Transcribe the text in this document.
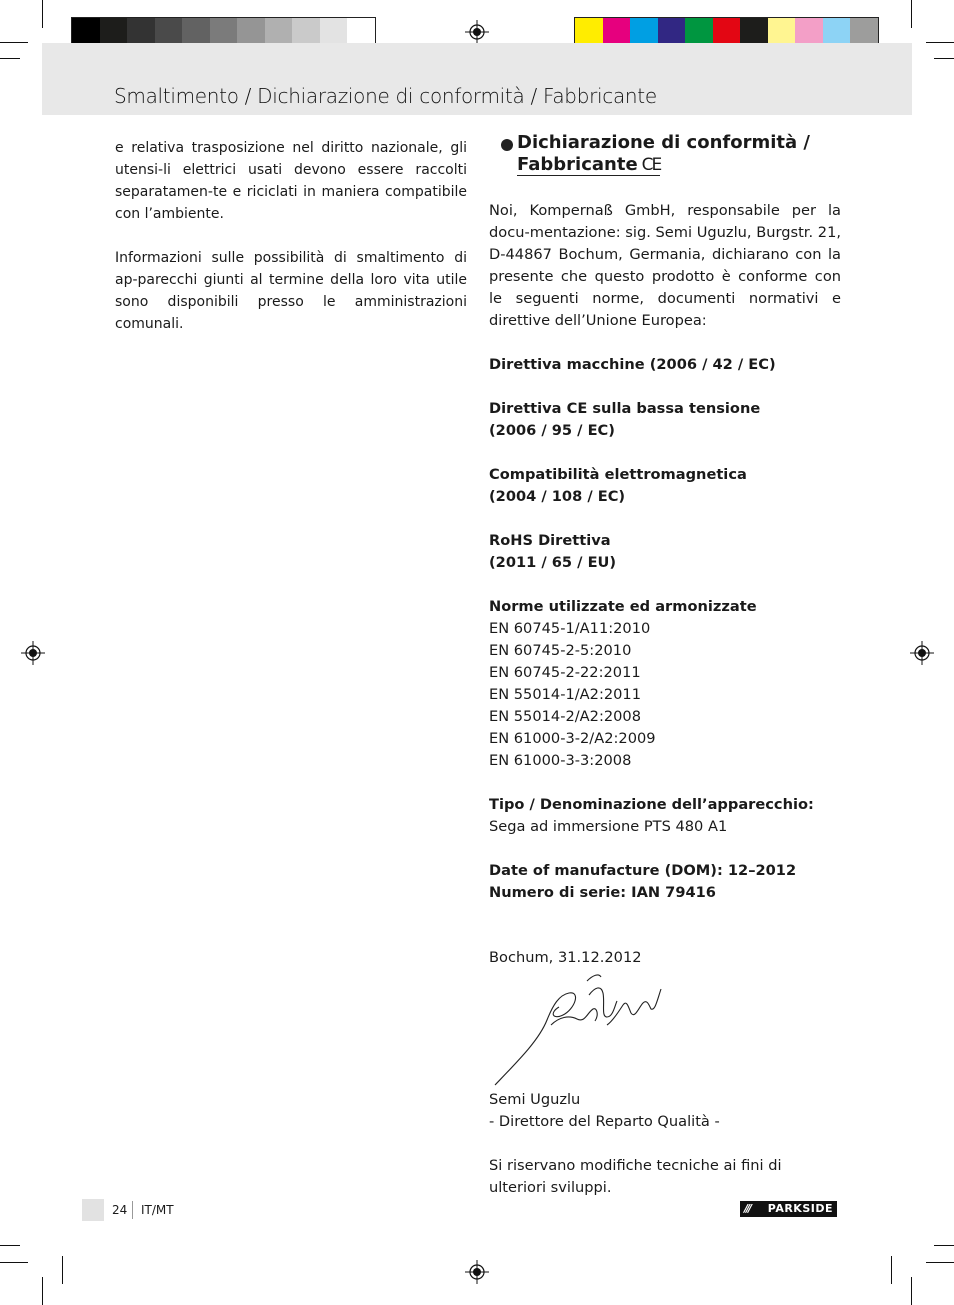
Smaltimento / Dichiarazione di conformità / Fabbricante

e relativa trasposizione nel diritto nazionale, gli utensi-li elettrici usati devono essere raccolti separatamen-te e riciclati in maniera compatibile con l’ambiente.

Informazioni sulle possibilità di smaltimento di ap-parecchi giunti al termine della loro vita utile sono disponibili presso le amministrazioni comunali.

Dichiarazione di conformità /
Fabbricante CE

Noi, Kompernaß GmbH, responsabile per la docu-mentazione: sig. Semi Uguzlu, Burgstr. 21, D-44867 Bochum, Germania, dichiarano con la presente che questo prodotto è conforme con le seguenti norme, documenti normativi e direttive dell’Unione Europea:

Direttiva macchine (2006 / 42 / EC)

Direttiva CE sulla bassa tensione

(2006 / 95 / EC)

Compatibilità elettromagnetica

(2004 / 108 / EC)

RoHS Direttiva

(2011 / 65 / EU)

Norme utilizzate ed armonizzate

EN 60745-1/A11:2010

EN 60745-2-5:2010

EN 60745-2-22:2011

EN 55014-1/A2:2011

EN 55014-2/A2:2008

EN 61000-3-2/A2:2009

EN 61000-3-3:2008

Tipo / Denominazione dell’apparecchio:

Sega ad immersione PTS 480 A1

Date of manufacture (DOM): 12–2012

Numero di serie: IAN 79416

Bochum, 31.12.2012

Semi Uguzlu

- Direttore del Reparto Qualità -

Si riservano modifiche tecniche ai fini di

ulteriori sviluppi.

24 IT/MT	/// PARKSIDE
